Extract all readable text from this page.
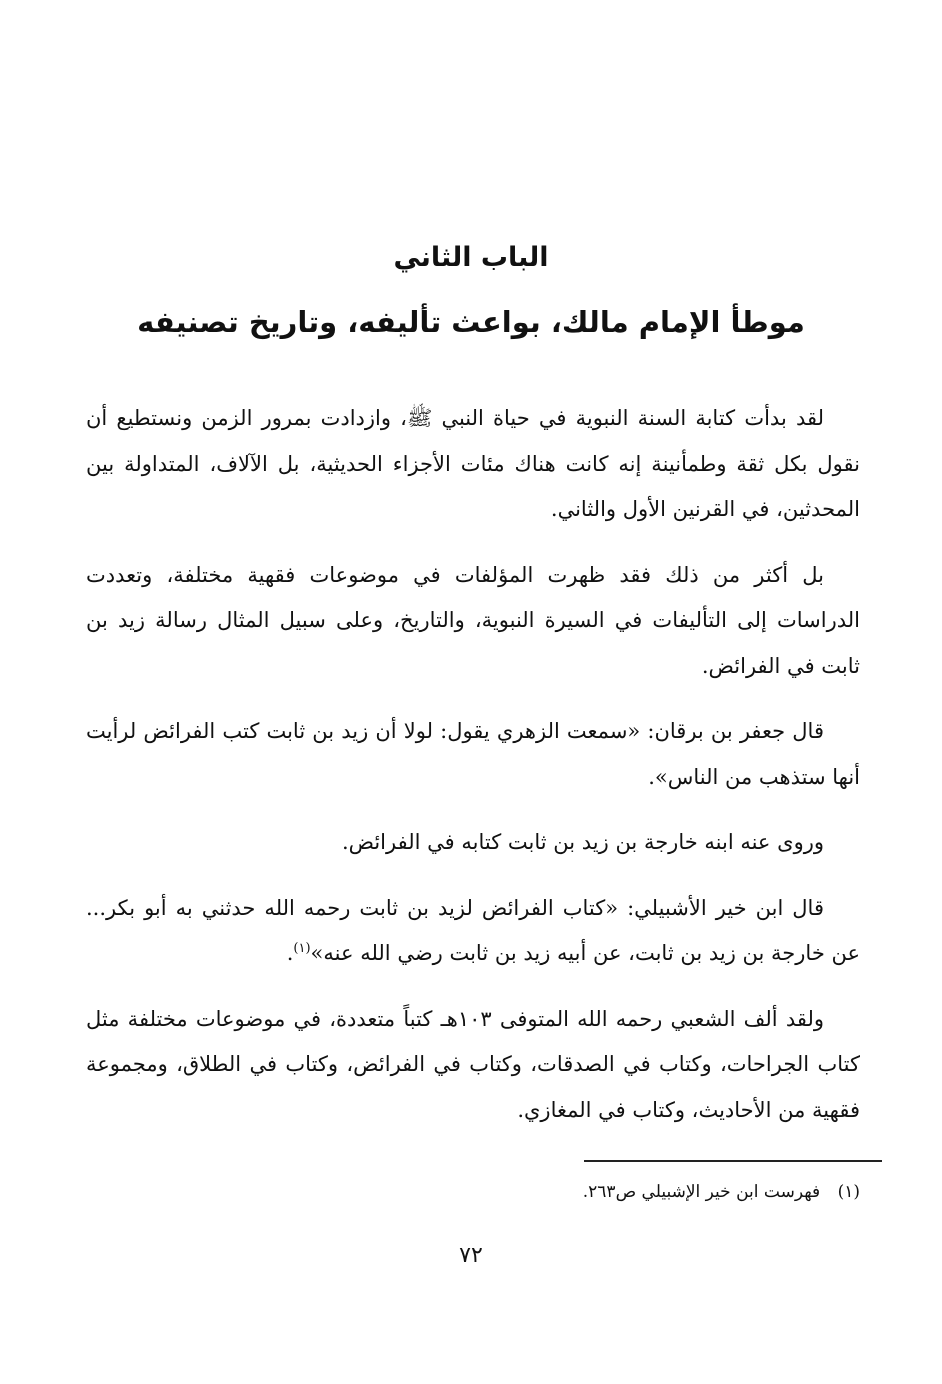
الباب الثاني
موطأ الإمام مالك، بواعث تأليفه، وتاريخ تصنيفه

لقد بدأت كتابة السنة النبوية في حياة النبي ﷺ، وازدادت بمرور الزمن ونستطيع أن نقول بكل ثقة وطمأنينة إنه كانت هناك مئات الأجزاء الحديثية، بل الآلاف، المتداولة بين المحدثين، في القرنين الأول والثاني.

بل أكثر من ذلك فقد ظهرت المؤلفات في موضوعات فقهية مختلفة، وتعددت الدراسات إلى التأليفات في السيرة النبوية، والتاريخ، وعلى سبيل المثال رسالة زيد بن ثابت في الفرائض.

قال جعفر بن برقان: «سمعت الزهري يقول: لولا أن زيد بن ثابت كتب الفرائض لرأيت أنها ستذهب من الناس».

وروى عنه ابنه خارجة بن زيد بن ثابت كتابه في الفرائض.

قال ابن خير الأشبيلي: «كتاب الفرائض لزيد بن ثابت رحمه الله حدثني به أبو بكر... عن خارجة بن زيد بن ثابت، عن أبيه زيد بن ثابت رضي الله عنه»$^{(١)}$.

ولقد ألف الشعبي رحمه الله المتوفى ١٠٣هـ كتباً متعددة، في موضوعات مختلفة مثل كتاب الجراحات، وكتاب في الصدقات، وكتاب في الفرائض، وكتاب في الطلاق، ومجموعة فقهية من الأحاديث، وكتاب في المغازي.

(١) فهرست ابن خير الإشبيلي ص٢٦٣.

٧٢
